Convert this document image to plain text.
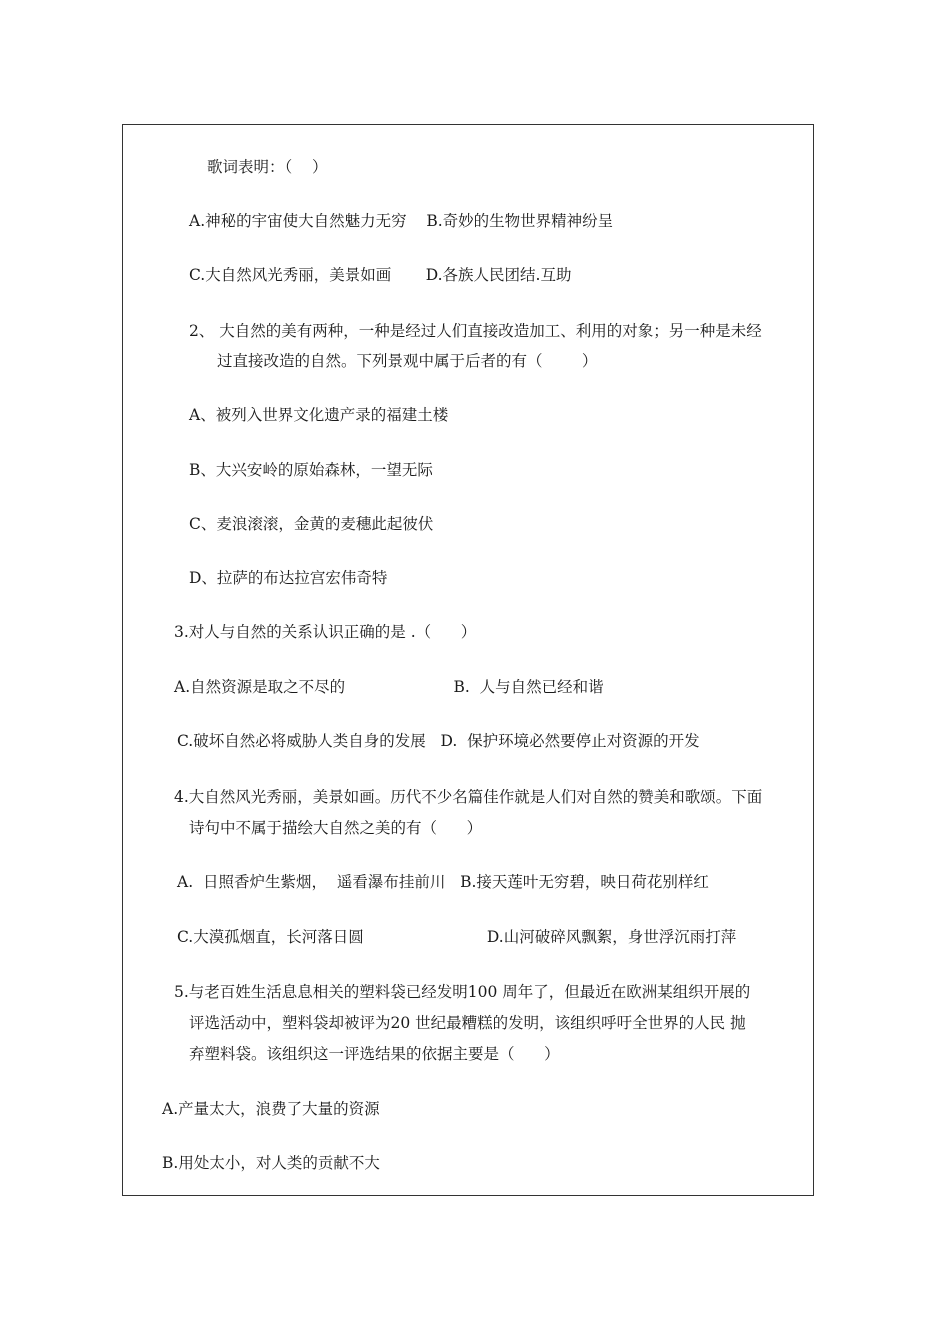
歌词表明：（    ）
A.神秘的宇宙使大自然魅力无穷    B.奇妙的生物世界精神纷呈
C.大自然风光秀丽，美景如画       D.各族人民团结.互助
2、 大自然的美有两种，一种是经过人们直接改造加工、利用的对象；另一种是未经
过直接改造的自然。下列景观中属于后者的有（        ）
A、被列入世界文化遗产录的福建土楼
B、大兴安岭的原始森林，一望无际
C、麦浪滚滚，金黄的麦穗此起彼伏
D、拉萨的布达拉宫宏伟奇特
3.对人与自然的关系认识正确的是 .（      ）
A.自然资源是取之不尽的                      B.  人与自然已经和谐
C.破坏自然必将威胁人类自身的发展   D.  保护环境必然要停止对资源的开发
4.大自然风光秀丽，美景如画。历代不少名篇佳作就是人们对自然的赞美和歌颂。下面
诗句中不属于描绘大自然之美的有（      ）
A.  日照香炉生紫烟，  遥看瀑布挂前川   B.接天莲叶无穷碧，映日荷花别样红
C.大漠孤烟直，长河落日圆                         D.山河破碎风飘絮，身世浮沉雨打萍
5.与老百姓生活息息相关的塑料袋已经发明100 周年了，但最近在欧洲某组织开展的
评选活动中，塑料袋却被评为20 世纪最糟糕的发明，该组织呼吁全世界的人民 抛
弃塑料袋。该组织这一评选结果的依据主要是（      ）
A.产量太大，浪费了大量的资源
B.用处太小，对人类的贡献不大
